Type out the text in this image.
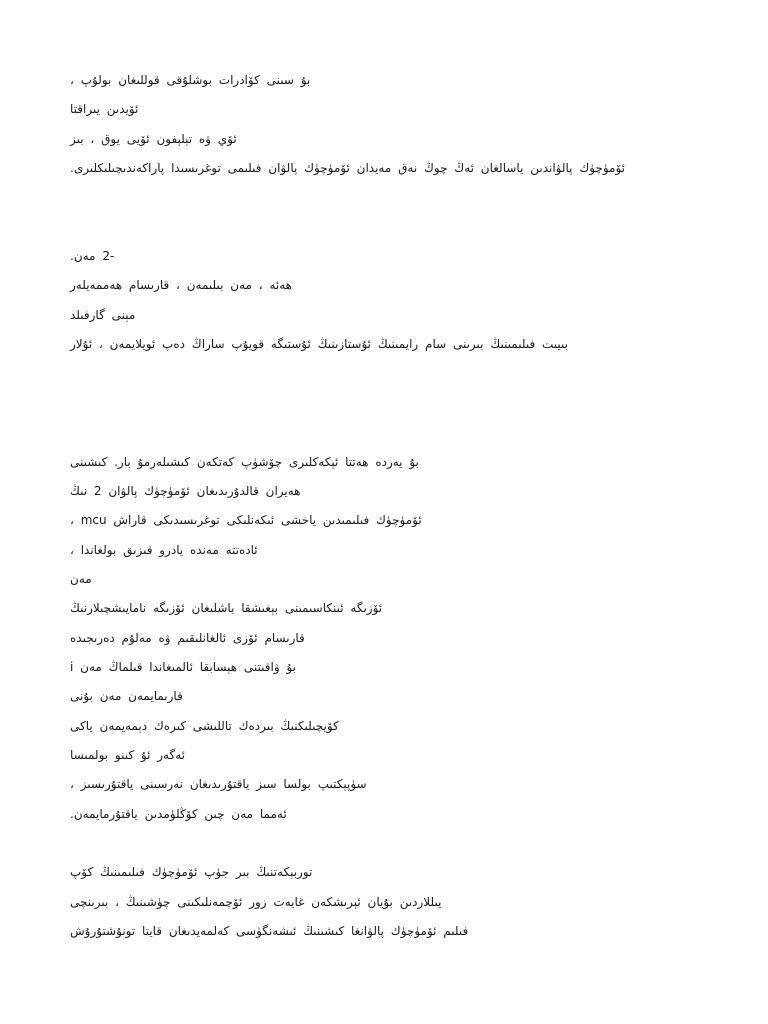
بۇ سىنى كۆادرات بوشلۇقى قوللىغان بولۇپ ،
ئۆيدىن يىراقتا
ئۆي ۋە تېلېفون ئۆيى يوق ، بىز
ئۆمۈچۈك پالۋاندىن ياسالغان ئەڭ چوڭ نەق مەيدان ئۆمۈچۈك پالۋان فىلىمى توغرىسىدا پاراكەندىچىلىكلىرى.
-2 مەن.
ھەئە ، مەن بىلىمەن ، قارىسام ھەممەيلەر
مېنى گارفىلد
بىيىت فىلىمىنىڭ بىرىنى سام رايمىنىڭ ئۇستازىنىڭ ئۇستىگە قويۇپ ساراڭ دەپ ئويلايمەن ، ئۇلار
بۇ يەردە ھەتتا ئېكەكلىرى چۆشۈپ كەتكەن كىشىلەرمۇ بار. كىشىنى
ھەيران قالدۇرىدىغان ئۆمۈچۈك پالۋان 2 نىڭ
ئۆمۈچۈك فىلىمىدىن ياخشى ئىكەنلىكى توغرىسىدىكى قاراش mcu ،
ئادەتتە مەندە يادرو قىزىق بولغاندا ،
مەن
ئۆزىگە ئىنكاسىمىنى بېغىشقا باشلىغان ئۆزىگە نامايىشچىلارنىڭ
قارىسام ئۆزى ئالغانلىقىم ۋە مەلۇم دەرىجىدە
بۇ ۋاقىتنى ھېسابقا ئالمىغاندا قىلماڭ مەن i
قارىمايمەن مەن بۇنى
كۆيچىلىكنىڭ بىردەك تاللىشى كىرەك دېمەيمەن ياكى
ئەگەر ئۇ كىنو بولمىسا
سۈپېكتىپ بولسا سىز ياقتۇرىدىغان نەرسىنى ياقتۇرىسىز ،
ئەمما مەن چىن كۆڭلۈمدىن ياقتۇرمايمەن.
توربېكەتنىڭ بىر جۈپ ئۆمۈچۈك فىلىمىنىڭ كۆپ
يىللاردىن بۇيان ئېرىشكەن غايەت زور ئۆچمەنلىكىنى چۈشىنىڭ ، بىرىنچى
فىلىم ئۆمۈچۈك پالۋانغا كىشىنىڭ ئىشەنگۈسى كەلمەيدىغان قايتا تونۇشتۇرۇش
